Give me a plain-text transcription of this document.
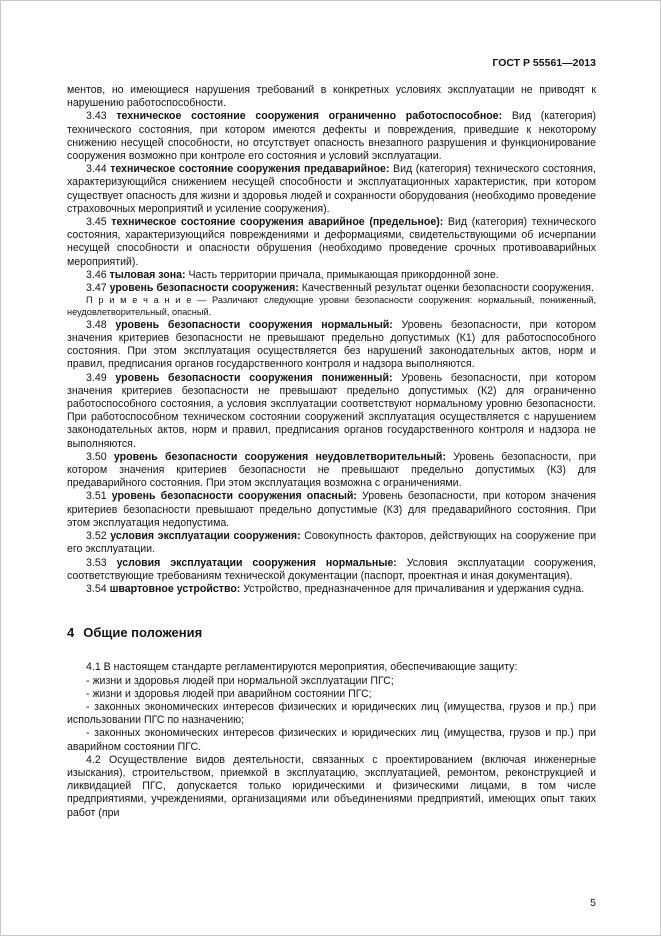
ГОСТ Р 55561—2013

ментов, но имеющиеся нарушения требований в конкретных условиях эксплуатации не приводят к нарушению работоспособности.

3.43 техническое состояние сооружения ограниченно работоспособное: Вид (категория) технического состояния, при котором имеются дефекты и повреждения, приведшие к некоторому снижению несущей способности, но отсутствует опасность внезапного разрушения и функционирование сооружения возможно при контроле его состояния и условий эксплуатации.

3.44 техническое состояние сооружения предаварийное: Вид (категория) технического состояния, характеризующийся снижением несущей способности и эксплуатационных характеристик, при котором существует опасность для жизни и здоровья людей и сохранности оборудования (необходимо проведение страховочных мероприятий и усиление сооружения).

3.45 техническое состояние сооружения аварийное (предельное): Вид (категория) технического состояния, характеризующийся повреждениями и деформациями, свидетельствующими об исчерпании несущей способности и опасности обрушения (необходимо проведение срочных противоаварийных мероприятий).

3.46 тыловая зона: Часть территории причала, примыкающая прикордонной зоне.

3.47 уровень безопасности сооружения: Качественный результат оценки безопасности сооружения.

П р и м е ч а н и е — Различают следующие уровни безопасности сооружения: нормальный, пониженный, неудовлетворительный, опасный.

3.48 уровень безопасности сооружения нормальный: Уровень безопасности, при котором значения критериев безопасности не превышают предельно допустимых (К1) для работоспособного состояния. При этом эксплуатация осуществляется без нарушений законодательных актов, норм и правил, предписания органов государственного контроля и надзора выполняются.

3.49 уровень безопасности сооружения пониженный: Уровень безопасности, при котором значения критериев безопасности не превышают предельно допустимых (К2) для ограниченно работоспособного состояния, а условия эксплуатации соответствуют нормальному уровню безопасности. При работоспособном техническом состоянии сооружений эксплуатация осуществляется с нарушением законодательных актов, норм и правил, предписания органов государственного контроля и надзора не выполняются.

3.50 уровень безопасности сооружения неудовлетворительный: Уровень безопасности, при котором значения критериев безопасности не превышают предельно допустимых (К3) для предаварийного состояния. При этом эксплуатация возможна с ограничениями.

3.51 уровень безопасности сооружения опасный: Уровень безопасности, при котором значения критериев безопасности превышают предельно допустимые (К3) для предаварийного состояния. При этом эксплуатация недопустима.

3.52 условия эксплуатации сооружения: Совокупность факторов, действующих на сооружение при его эксплуатации.

3.53 условия эксплуатации сооружения нормальные: Условия эксплуатации сооружения, соответствующие требованиям технической документации (паспорт, проектная и иная документация).

3.54 швартовное устройство: Устройство, предназначенное для причаливания и удержания судна.

4 Общие положения

4.1 В настоящем стандарте регламентируются мероприятия, обеспечивающие защиту:

- жизни и здоровья людей при нормальной эксплуатации ПГС;

- жизни и здоровья людей при аварийном состоянии ПГС;

- законных экономических интересов физических и юридических лиц (имущества, грузов и пр.) при использовании ПГС по назначению;

- законных экономических интересов физических и юридических лиц (имущества, грузов и пр.) при аварийном состоянии ПГС.

4.2 Осуществление видов деятельности, связанных с проектированием (включая инженерные изыскания), строительством, приемкой в эксплуатацию, эксплуатацией, ремонтом, реконструкцией и ликвидацией ПГС, допускается только юридическими и физическими лицами, в том числе предприятиями, учреждениями, организациями или объединениями предприятий, имеющих опыт таких работ (при

5
